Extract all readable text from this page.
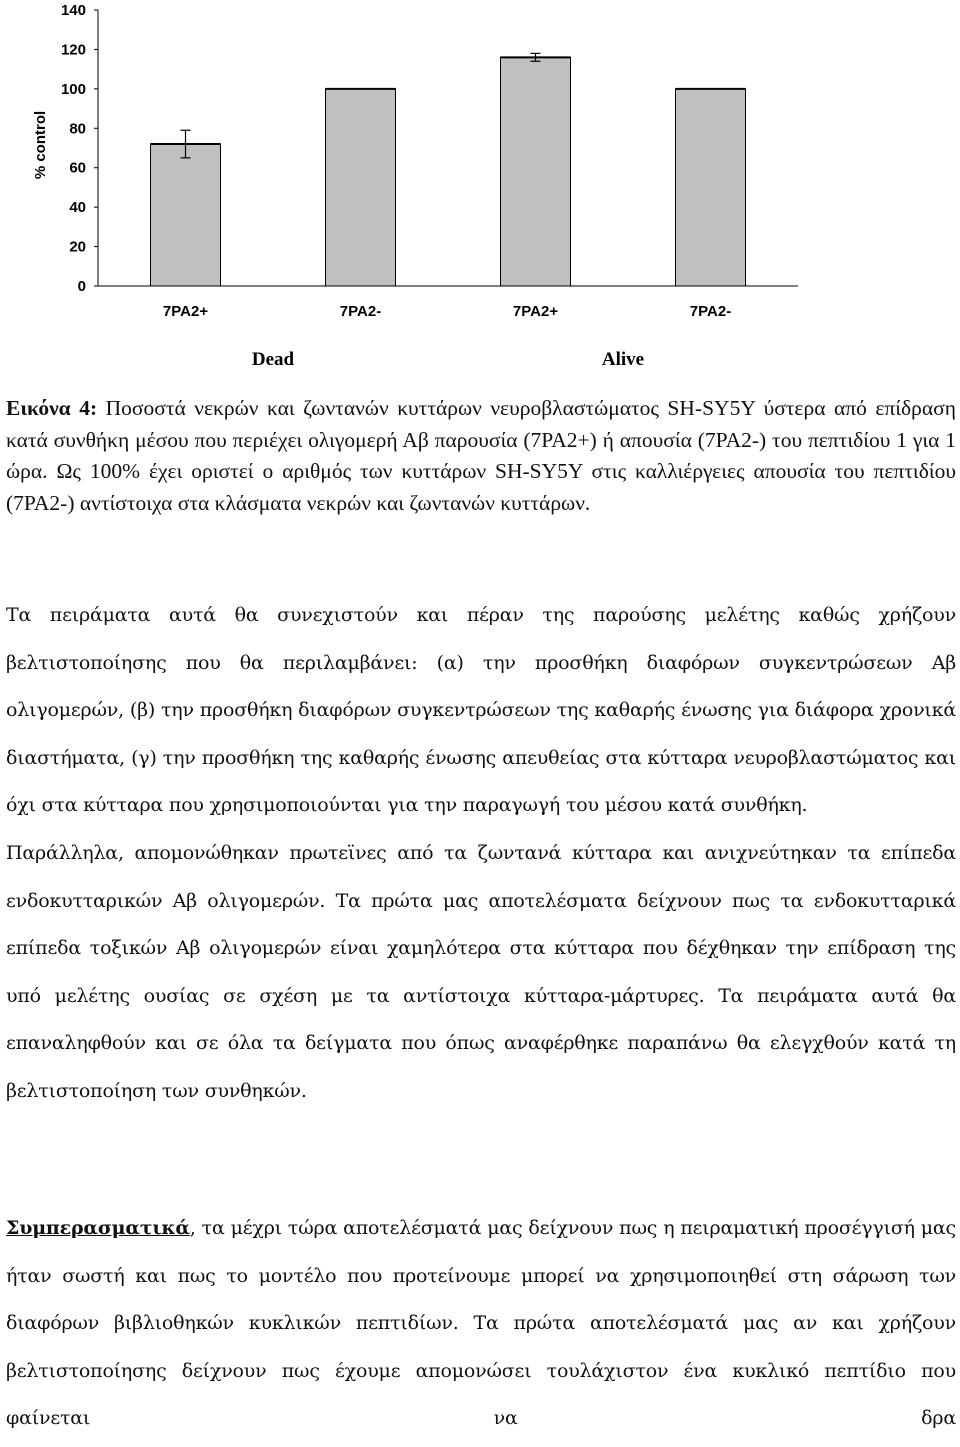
0
20
40
60
80
100
120
140
7PA2+	7PA2-	7PA2+	7PA2-
Dead	Alive
% control
Εικόνα 4: Ποσοστά νεκρών και ζωντανών κυττάρων νευροβλαστώματος SH-SY5Y ύστερα από επίδραση κατά συνθήκη μέσου που περιέχει ολιγομερή Αβ παρουσία (7PA2+) ή απουσία (7PA2-) του πεπτιδίου 1 για 1 ώρα. Ως 100% έχει οριστεί ο αριθμός των κυττάρων SH-SY5Y στις καλλιέργειες απουσία του πεπτιδίου (7PA2-) αντίστοιχα στα κλάσματα νεκρών και ζωντανών κυττάρων.
Τα πειράματα αυτά θα συνεχιστούν και πέραν της παρούσης μελέτης καθώς χρήζουν βελτιστοποίησης που θα περιλαμβάνει: (α) την προσθήκη διαφόρων συγκεντρώσεων Αβ ολιγομερών, (β) την προσθήκη διαφόρων συγκεντρώσεων της καθαρής ένωσης για διάφορα χρονικά διαστήματα, (γ) την προσθήκη της καθαρής ένωσης απευθείας στα κύτταρα νευροβλαστώματος και όχι στα κύτταρα που χρησιμοποιούνται για την παραγωγή του μέσου κατά συνθήκη.
Παράλληλα, απομονώθηκαν πρωτεϊνες από τα ζωντανά κύτταρα και ανιχνεύτηκαν τα επίπεδα ενδοκυτταρικών Αβ ολιγομερών. Τα πρώτα μας αποτελέσματα δείχνουν πως τα ενδοκυτταρικά επίπεδα τοξικών Αβ ολιγομερών είναι χαμηλότερα στα κύτταρα που δέχθηκαν την επίδραση της υπό μελέτης ουσίας σε σχέση με τα αντίστοιχα κύτταρα-μάρτυρες. Τα πειράματα αυτά θα επαναληφθούν και σε όλα τα δείγματα που όπως αναφέρθηκε παραπάνω θα ελεγχθούν κατά τη βελτιστοποίηση των συνθηκών.
Συμπερασματικά, τα μέχρι τώρα αποτελέσματά μας δείχνουν πως η πειραματική προσέγγισή μας ήταν σωστή και πως το μοντέλο που προτείνουμε μπορεί να χρησιμοποιηθεί στη σάρωση των διαφόρων βιβλιοθηκών κυκλικών πεπτιδίων. Τα πρώτα αποτελέσματά μας αν και χρήζουν βελτιστοποίησης δείχνουν πως έχουμε απομονώσει τουλάχιστον ένα κυκλικό πεπτίδιο που φαίνεται να δρα
